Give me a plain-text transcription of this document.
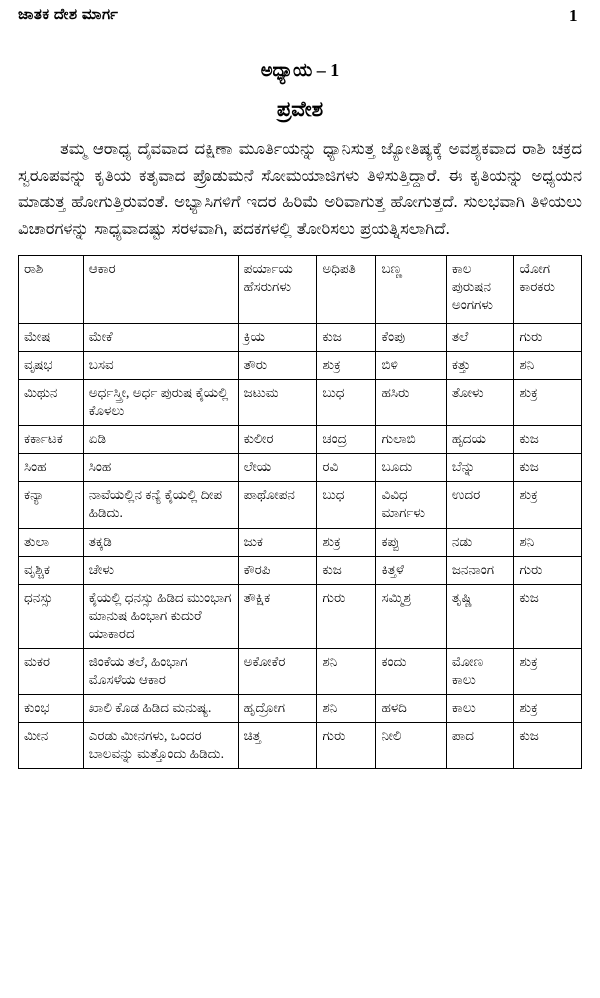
ಜಾತಕ ದೇಶ ಮಾರ್ಗ	1
ಅಧ್ಯಾಯ – 1
ಪ್ರವೇಶ

ತಮ್ಮ ಆರಾಧ್ಯ ದೈವವಾದ ದಕ್ಷಿಣಾ ಮೂರ್ತಿಯನ್ನು ಧ್ಯಾನಿಸುತ್ತ ಜ್ಯೋತಿಷ್ಯಕ್ಕೆ ಅವಶ್ಯಕವಾದ ರಾಶಿ ಚಕ್ರದ ಸ್ವರೂಪವನ್ನು ಕೃತಿಯ ಕತೃವಾದ ಪ್ರೊಡುಮನೆ ಸೋಮಯಾಜಿಗಳು ತಿಳಿಸುತ್ತಿದ್ದಾರೆ. ಈ ಕೃತಿಯನ್ನು ಅಧ್ಯಯನ ಮಾಡುತ್ತ ಹೋಗುತ್ತಿರುವಂತೆ. ಅಭ್ಯಾಸಿಗಳಿಗೆ ಇದರ ಹಿರಿಮೆ ಅರಿವಾಗುತ್ತ ಹೋಗುತ್ತದೆ. ಸುಲಭವಾಗಿ ತಿಳಿಯಲು ವಿಚಾರಗಳನ್ನು ಸಾಧ್ಯವಾದಷ್ಟು ಸರಳವಾಗಿ, ಪದಕಗಳಲ್ಲಿ ತೋರಿಸಲು ಪ್ರಯತ್ನಿಸಲಾಗಿದೆ.

ರಾಶಿ	ಆಕಾರ	ಪರ್ಯಾಯ ಹೆಸರುಗಳು	ಅಧಿಪತಿ	ಬಣ್ಣ	ಕಾಲ ಪುರುಷನ ಅಂಗಗಳು	ಯೋಗ ಕಾರಕರು
ಮೇಷ	ಮೇಕೆ	ಕ್ರಿಯ	ಕುಜ	ಕೆಂಪು	ತಲೆ	ಗುರು
ವೃಷಭ	ಬಸವ	ತೌರು	ಶುಕ್ರ	ಬಿಳಿ	ಕತ್ತು	ಶನಿ
ಮಿಥುನ	ಅರ್ಧಸ್ತ್ರೀ, ಅರ್ಧ ಪುರುಷ ಕೈಯಲ್ಲಿ ಕೊಳಲು	ಜಟುಮ	ಬುಧ	ಹಸಿರು	ತೋಳು	ಶುಕ್ರ
ಕರ್ಕಾಟಕ	ಏಡಿ	ಕುಲೀರ	ಚಂದ್ರ	ಗುಲಾಬಿ	ಹೃದಯ	ಕುಜ
ಸಿಂಹ	ಸಿಂಹ	ಲೇಯ	ರವಿ	ಬೂದು	ಬೆನ್ನು	ಕುಜ
ಕನ್ಯಾ	ನಾವೆಯಲ್ಲಿನ ಕನ್ಯೆ ಕೈಯಲ್ಲಿ ದೀಪ ಹಿಡಿದು.	ಪಾಥೋಪನ	ಬುಧ	ವಿವಿಧ ಮಾರ್ಗಳು	ಉದರ	ಶುಕ್ರ
ತುಲಾ	ತಕ್ಕಡಿ	ಜುಕ	ಶುಕ್ರ	ಕಪ್ಪು	ನಡು	ಶನಿ
ವೃಶ್ಚಿಕ	ಚೇಳು	ಕೌರಪಿ	ಕುಜ	ಕಿತ್ತಳೆ	ಜನನಾಂಗ	ಗುರು
ಧನಸ್ಸು	ಕೈಯಲ್ಲಿ ಧನಸ್ಸು ಹಿಡಿದ ಮುಂಭಾಗ ಮಾನುಷ ಹಿಂಭಾಗ ಕುದುರೆ ಯಾಕಾರದ	ತೌಕ್ಷಿಕ	ಗುರು	ಸಮ್ಮಿಶ್ರ	ತೃಷ್ಣಿ	ಕುಜ
ಮಕರ	ಜಿಂಕೆಯ ತಲೆ, ಹಿಂಭಾಗ ಮೊಸಳೆಯ ಆಕಾರ	ಅಕೋಕೆರ	ಶನಿ	ಕಂದು	ಮೋಣ ಕಾಲು	ಶುಕ್ರ
ಕುಂಭ	ಖಾಲಿ ಕೊಡ ಹಿಡಿದ ಮನುಷ್ಯ.	ಹೃದ್ರೋಗ	ಶನಿ	ಹಳದಿ	ಕಾಲು	ಶುಕ್ರ
ಮೀನ	ಎರಡು ಮೀನಗಳು, ಒಂದರ ಬಾಲವನ್ನು ಮತ್ತೊಂದು ಹಿಡಿದು.	ಚಿತ್ತ	ಗುರು	ನೀಲಿ	ಪಾದ	ಕುಜ
